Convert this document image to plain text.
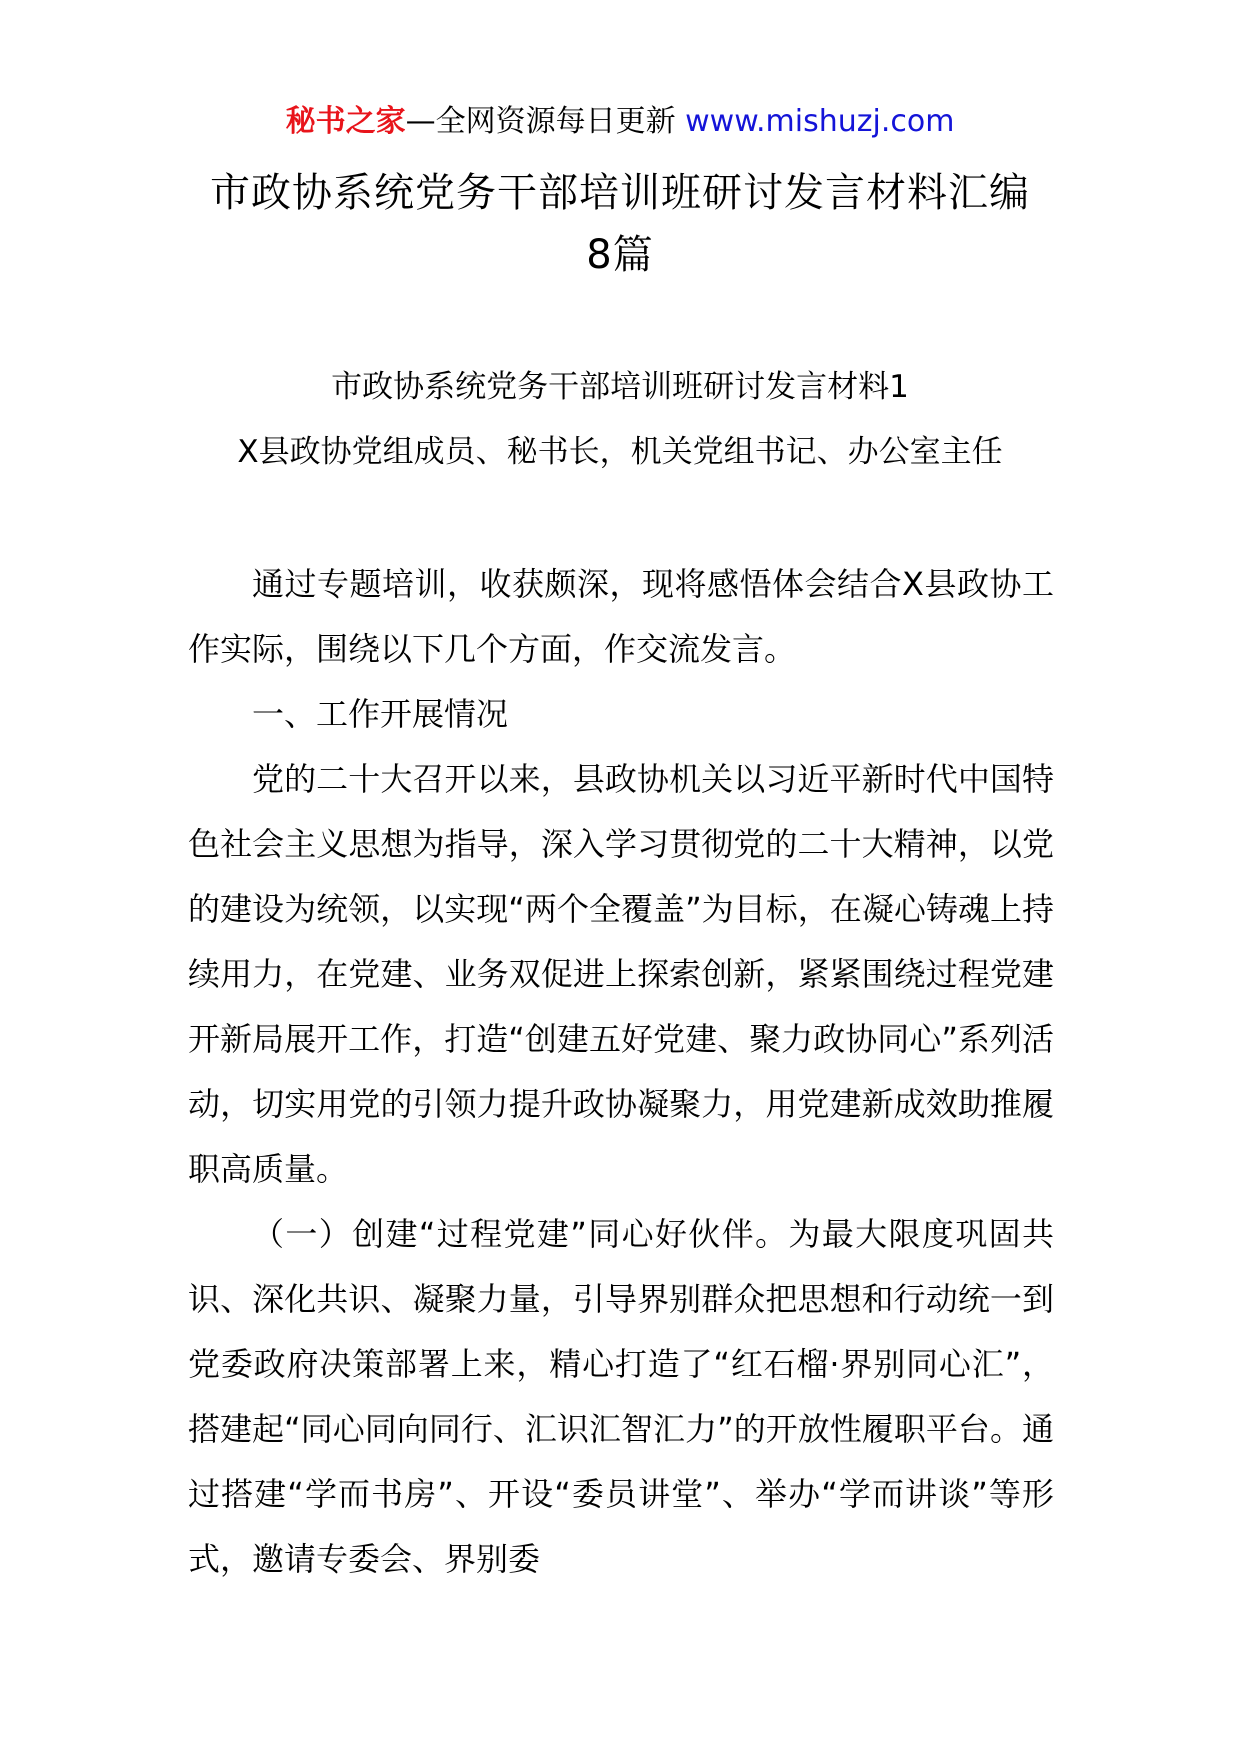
秘书之家—全网资源每日更新 www.mishuzj.com
市政协系统党务干部培训班研讨发言材料汇编
8篇
市政协系统党务干部培训班研讨发言材料1
X县政协党组成员、秘书长，机关党组书记、办公室主任

通过专题培训，收获颇深，现将感悟体会结合X县政协工作实际，围绕以下几个方面，作交流发言。

一、工作开展情况

党的二十大召开以来，县政协机关以习近平新时代中国特色社会主义思想为指导，深入学习贯彻党的二十大精神，以党的建设为统领，以实现“两个全覆盖”为目标，在凝心铸魂上持续用力，在党建、业务双促进上探索创新，紧紧围绕过程党建开新局展开工作，打造“创建五好党建、聚力政协同心”系列活动，切实用党的引领力提升政协凝聚力，用党建新成效助推履职高质量。

（一）创建“过程党建”同心好伙伴。为最大限度巩固共识、深化共识、凝聚力量，引导界别群众把思想和行动统一到党委政府决策部署上来，精心打造了“红石榴·界别同心汇”，搭建起“同心同向同行、汇识汇智汇力”的开放性履职平台。通过搭建“学而书房”、开设“委员讲堂”、举办“学而讲谈”等形式，邀请专委会、界别委
